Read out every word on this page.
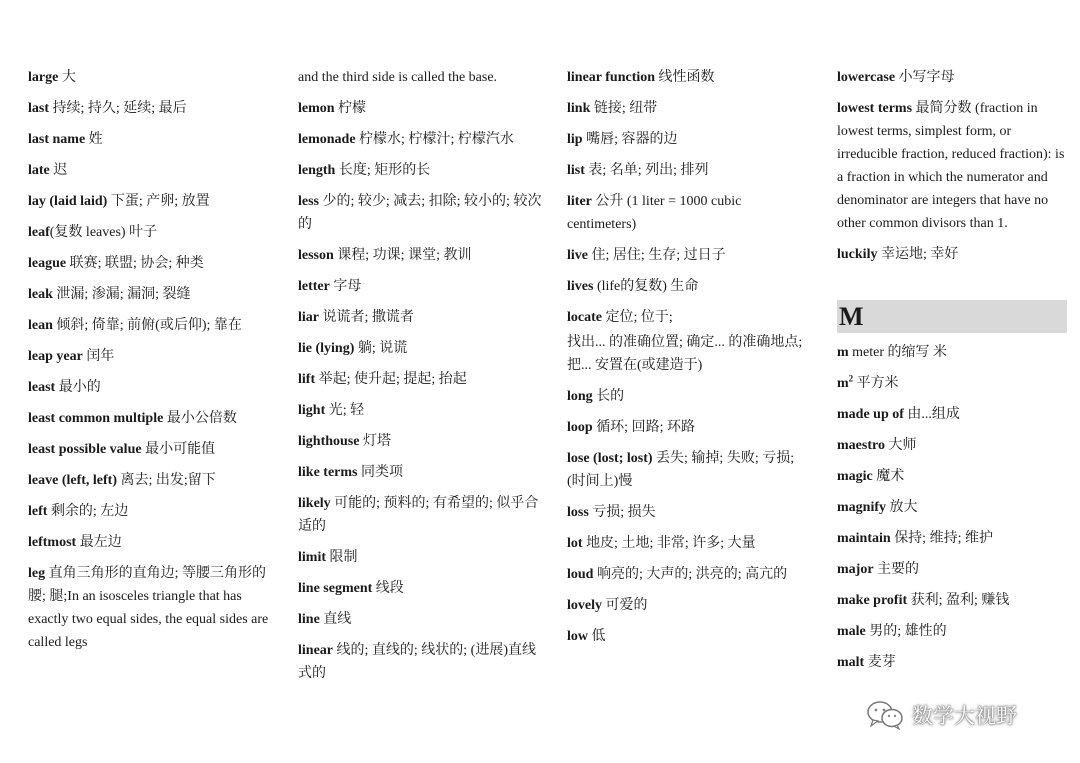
large 大
last 持续; 持久; 延续; 最后
last name 姓
late 迟
lay (laid laid) 下蛋; 产卵; 放置
leaf(复数 leaves) 叶子
league 联赛; 联盟; 协会; 种类
leak 泄漏; 渗漏; 漏洞; 裂缝
lean 倾斜; 倚靠; 前俯(或后仰); 靠在
leap year 闰年
least 最小的
least common multiple 最小公倍数
least possible value 最小可能值
leave (left, left) 离去; 出发;留下
left 剩余的; 左边
leftmost 最左边
leg 直角三角形的直角边; 等腰三角形的腰; 腿;In an isosceles triangle that has exactly two equal sides, the equal sides are called legs
and the third side is called the base.
lemon 柠檬
lemonade 柠檬水; 柠檬汁; 柠檬汽水
length 长度; 矩形的长
less 少的; 较少; 减去; 扣除; 较小的; 较次的
lesson 课程; 功课; 课堂; 教训
letter 字母
liar 说谎者; 撒谎者
lie (lying) 躺; 说谎
lift 举起; 使升起; 提起; 抬起
light 光; 轻
lighthouse 灯塔
like terms 同类项
likely 可能的; 预料的; 有希望的; 似乎合适的
limit 限制
line segment 线段
line 直线
linear 线的; 直线的; 线状的; (进展)直线式的
linear function 线性函数
link 链接; 纽带
lip 嘴唇; 容器的边
list 表; 名单; 列出; 排列
liter 公升 (1 liter = 1000 cubic centimeters)
live 住; 居住; 生存; 过日子
lives (life的复数) 生命
locate 定位; 位于;
找出... 的准确位置; 确定... 的准确地点; 把... 安置在(或建造于)
long 长的
loop 循环; 回路; 环路
lose (lost; lost) 丢失; 输掉; 失败; 亏损; (时间上)慢
loss 亏损; 损失
lot 地皮; 土地; 非常; 许多; 大量
loud 响亮的; 大声的; 洪亮的; 高亢的
lovely 可爱的
low 低
lowercase 小写字母
lowest terms 最简分数 (fraction in lowest terms, simplest form, or irreducible fraction, reduced fraction): is a fraction in which the numerator and denominator are integers that have no other common divisors than 1.
luckily 幸运地; 幸好
M
m meter 的缩写 米
$m^2$ 平方米
made up of 由...组成
maestro 大师
magic 魔术
magnify 放大
maintain 保持; 维持; 维护
major 主要的
make profit 获利; 盈利; 赚钱
male 男的; 雄性的
malt 麦芽
数学大视野
